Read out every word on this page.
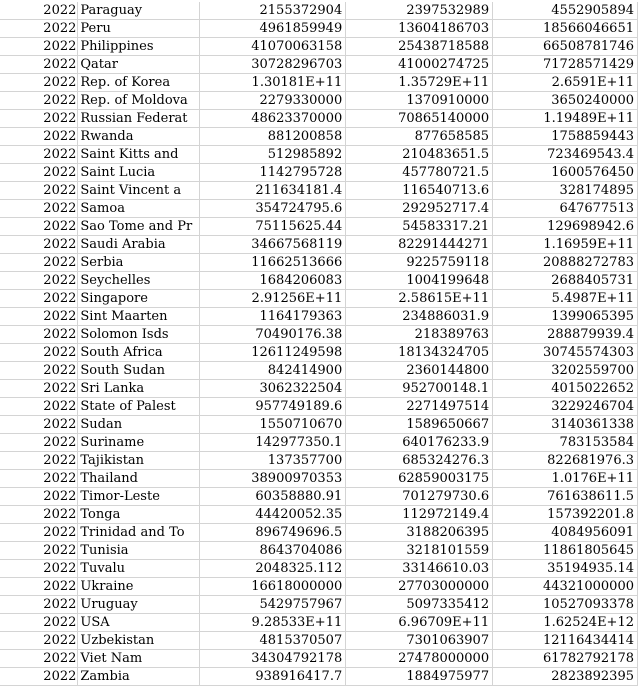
2022	Paraguay	2155372904	2397532989	4552905894
2022	Peru	4961859949	13604186703	18566046651
2022	Philippines	41070063158	25438718588	66508781746
2022	Qatar	30728296703	41000274725	71728571429
2022	Rep. of Korea	1.30181E+11	1.35729E+11	2.6591E+11
2022	Rep. of Moldova	2279330000	1370910000	3650240000
2022	Russian Federat	48623370000	70865140000	1.19489E+11
2022	Rwanda	881200858	877658585	1758859443
2022	Saint Kitts and	512985892	210483651.5	723469543.4
2022	Saint Lucia	1142795728	457780721.5	1600576450
2022	Saint Vincent a	211634181.4	116540713.6	328174895
2022	Samoa	354724795.6	292952717.4	647677513
2022	Sao Tome and Pr	75115625.44	54583317.21	129698942.6
2022	Saudi Arabia	34667568119	82291444271	1.16959E+11
2022	Serbia	11662513666	9225759118	20888272783
2022	Seychelles	1684206083	1004199648	2688405731
2022	Singapore	2.91256E+11	2.58615E+11	5.4987E+11
2022	Sint Maarten	1164179363	234886031.9	1399065395
2022	Solomon Isds	70490176.38	218389763	288879939.4
2022	South Africa	12611249598	18134324705	30745574303
2022	South Sudan	842414900	2360144800	3202559700
2022	Sri Lanka	3062322504	952700148.1	4015022652
2022	State of Palest	957749189.6	2271497514	3229246704
2022	Sudan	1550710670	1589650667	3140361338
2022	Suriname	142977350.1	640176233.9	783153584
2022	Tajikistan	137357700	685324276.3	822681976.3
2022	Thailand	38900970353	62859003175	1.0176E+11
2022	Timor-Leste	60358880.91	701279730.6	761638611.5
2022	Tonga	44420052.35	112972149.4	157392201.8
2022	Trinidad and To	896749696.5	3188206395	4084956091
2022	Tunisia	8643704086	3218101559	11861805645
2022	Tuvalu	2048325.112	33146610.03	35194935.14
2022	Ukraine	16618000000	27703000000	44321000000
2022	Uruguay	5429757967	5097335412	10527093378
2022	USA	9.28533E+11	6.96709E+11	1.62524E+12
2022	Uzbekistan	4815370507	7301063907	12116434414
2022	Viet Nam	34304792178	27478000000	61782792178
2022	Zambia	938916417.7	1884975977	2823892395
